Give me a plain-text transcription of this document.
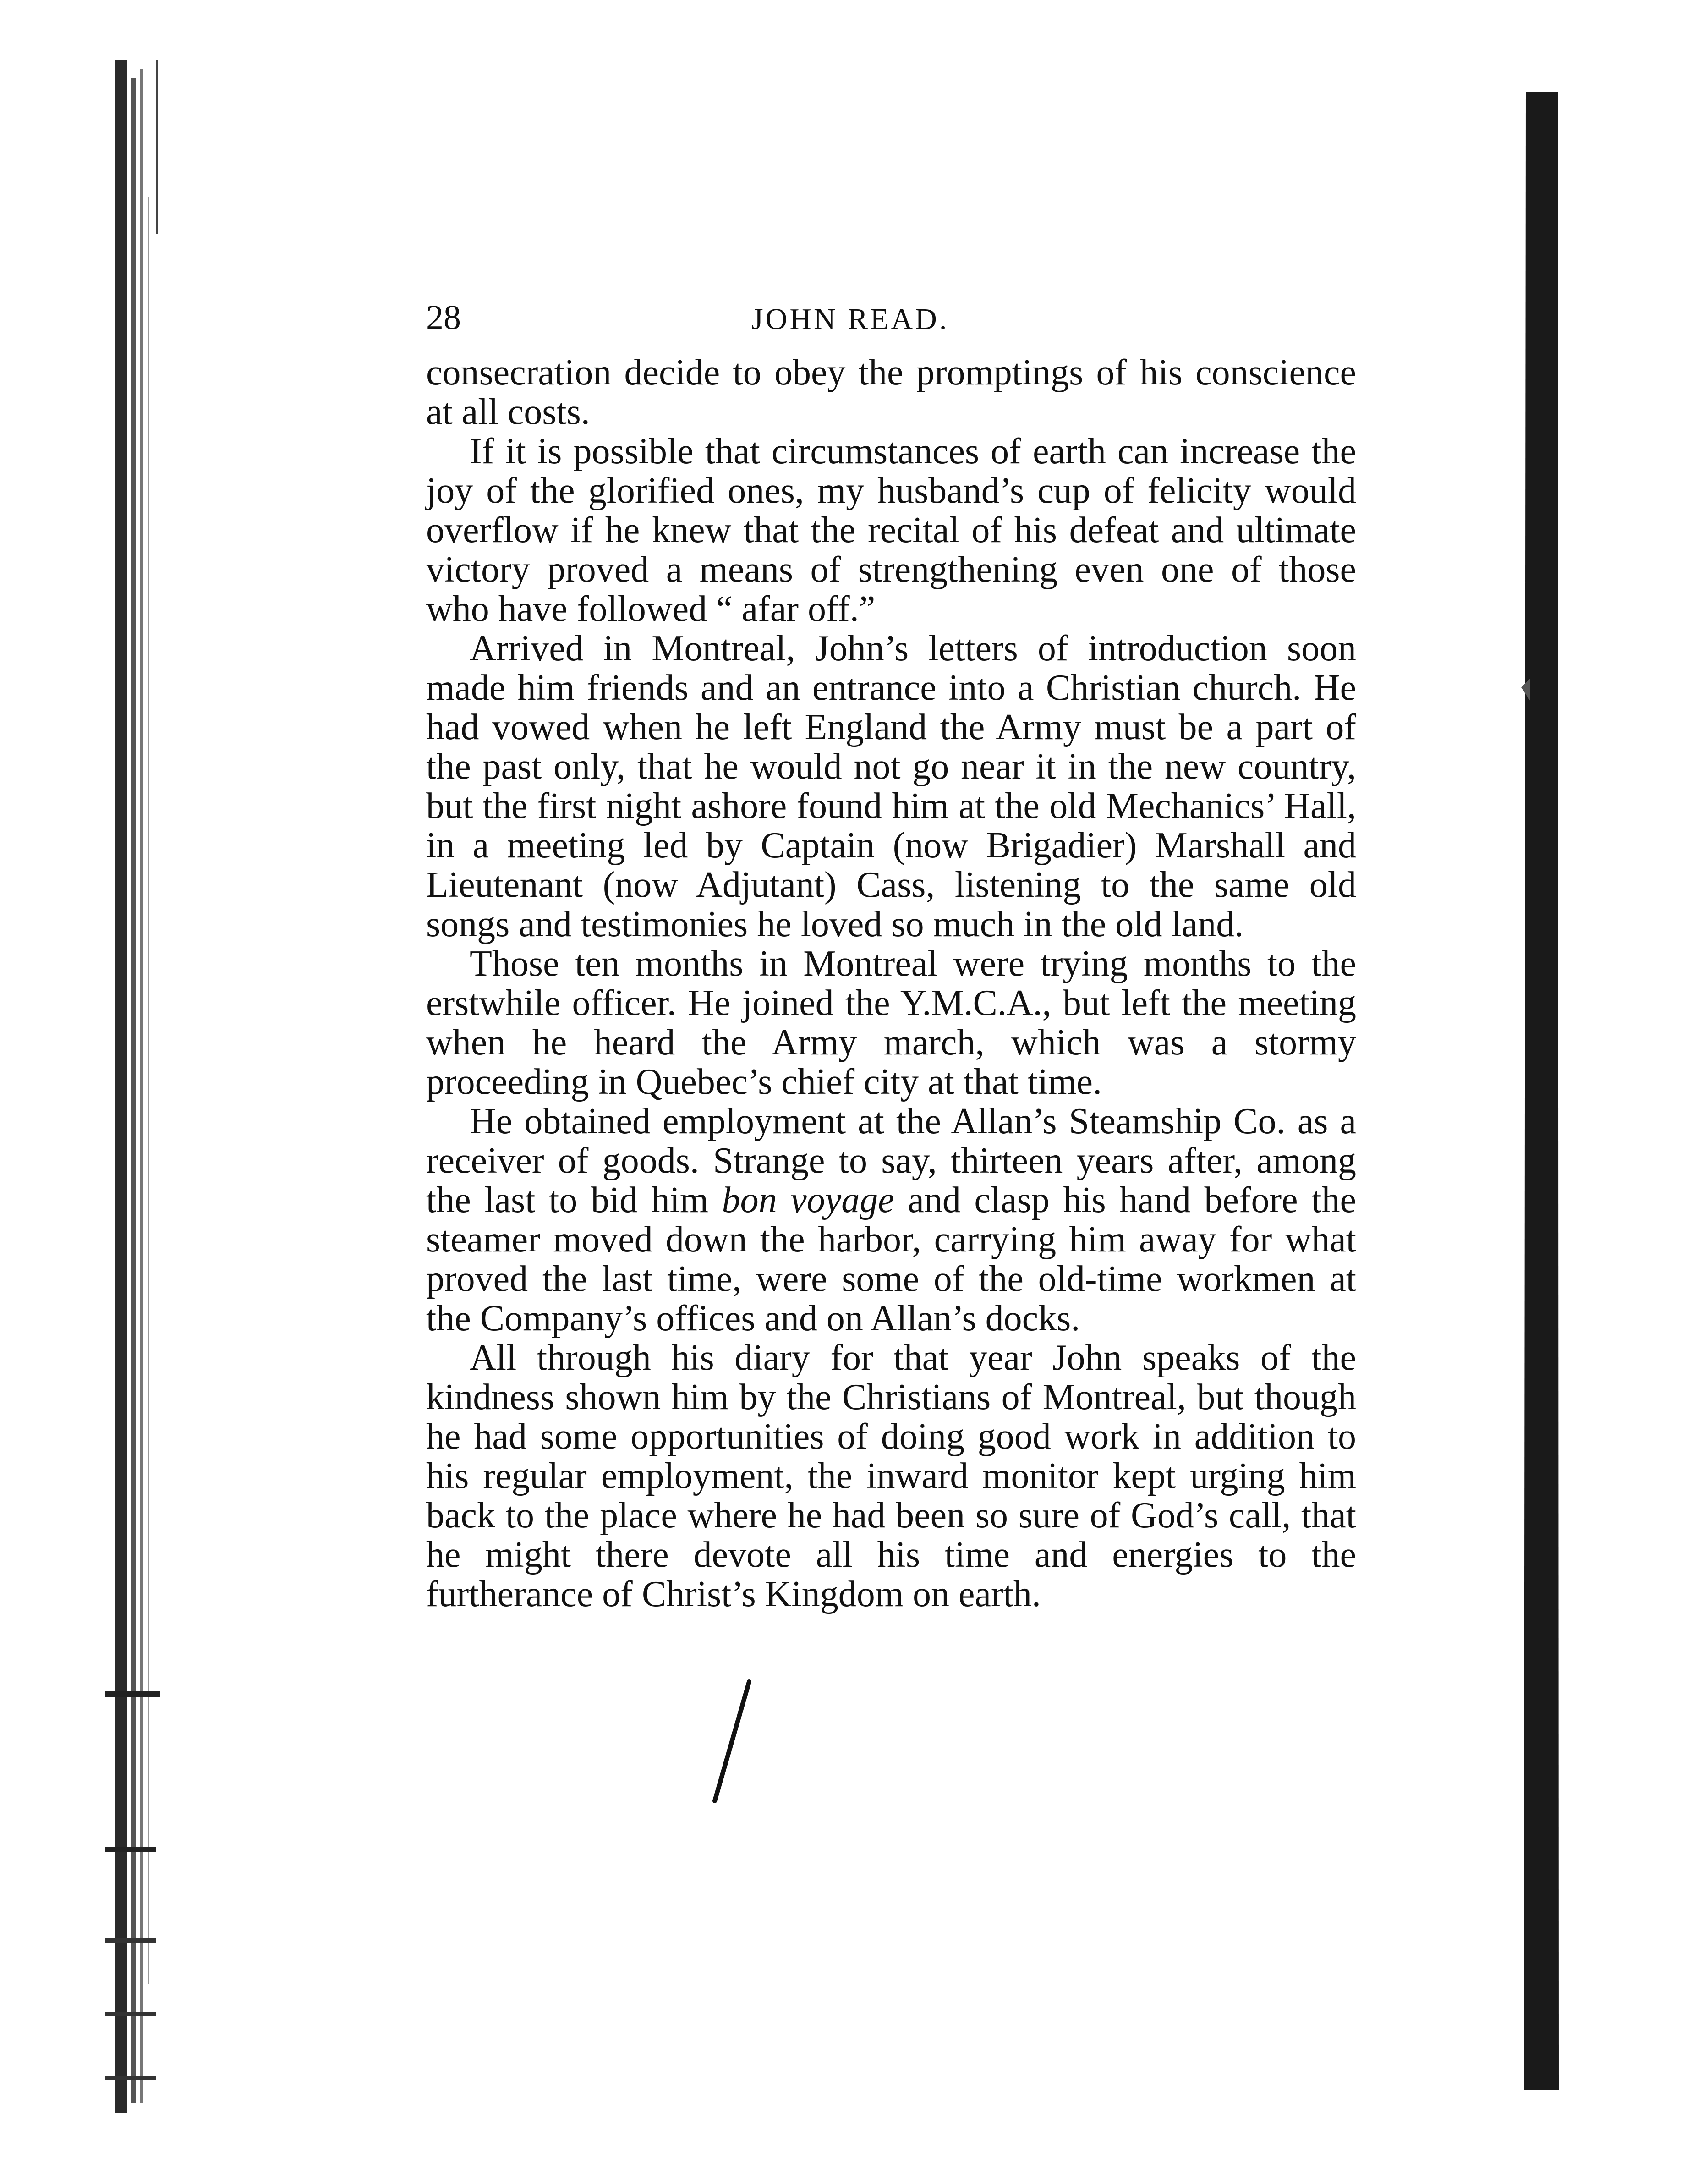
28	JOHN READ.

consecration decide to obey the promptings of his conscience at all costs.

If it is possible that circumstances of earth can increase the joy of the glorified ones, my husband’s cup of felicity would overflow if he knew that the recital of his defeat and ultimate victory proved a means of strengthening even one of those who have followed “ afar off.”

Arrived in Montreal, John’s letters of introduction soon made him friends and an entrance into a Christian church. He had vowed when he left England the Army must be a part of the past only, that he would not go near it in the new country, but the first night ashore found him at the old Mechanics’ Hall, in a meeting led by Captain (now Brigadier) Marshall and Lieutenant (now Adjutant) Cass, listening to the same old songs and testimonies he loved so much in the old land.

Those ten months in Montreal were trying months to the erstwhile officer. He joined the Y.M.C.A., but left the meeting when he heard the Army march, which was a stormy proceeding in Quebec’s chief city at that time.

He obtained employment at the Allan’s Steamship Co. as a receiver of goods. Strange to say, thirteen years after, among the last to bid him bon voyage and clasp his hand before the steamer moved down the harbor, carrying him away for what proved the last time, were some of the old-time workmen at the Company’s offices and on Allan’s docks.

All through his diary for that year John speaks of the kindness shown him by the Christians of Montreal, but though he had some opportunities of doing good work in addition to his regular employment, the inward monitor kept urging him back to the place where he had been so sure of God’s call, that he might there devote all his time and energies to the furtherance of Christ’s Kingdom on earth.
